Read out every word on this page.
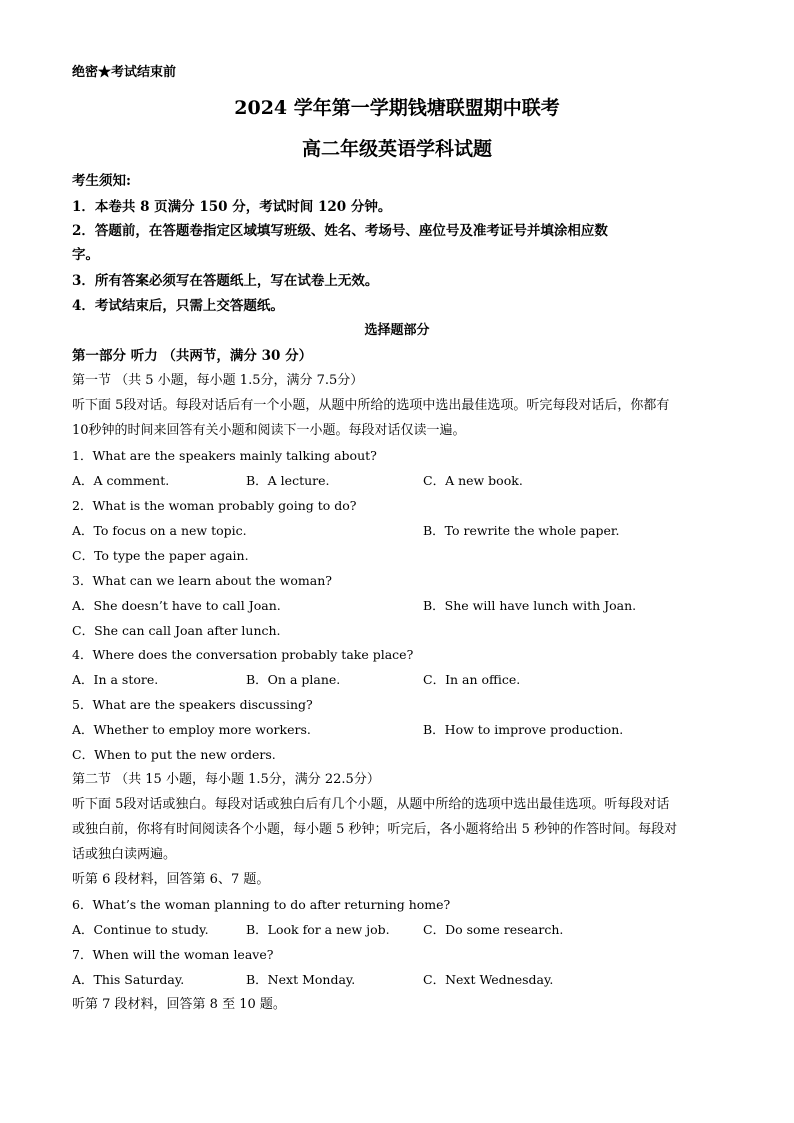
绝密★考试结束前
2024 学年第一学期钱塘联盟期中联考
高二年级英语学科试题
考生须知:
1．本卷共 8 页满分 150 分，考试时间 120 分钟。
2．答题前，在答题卷指定区域填写班级、姓名、考场号、座位号及准考证号并填涂相应数
字。
3．所有答案必须写在答题纸上，写在试卷上无效。
4．考试结束后，只需上交答题纸。
选择题部分
第一部分 听力 （共两节，满分 30 分）
第一节 （共 5 小题，每小题 1.5分，满分 7.5分）
听下面 5段对话。每段对话后有一个小题，从题中所给的选项中选出最佳选项。听完每段对话后，你都有
10秒钟的时间来回答有关小题和阅读下一小题。每段对话仅读一遍。
1．What are the speakers mainly talking about?
A．A comment.	B．A lecture.	C．A new book.
2．What is the woman probably going to do?
A．To focus on a new topic.	B．To rewrite the whole paper.
C．To type the paper again.
3．What can we learn about the woman?
A．She doesn’t have to call Joan.	B．She will have lunch with Joan.
C．She can call Joan after lunch.
4．Where does the conversation probably take place?
A．In a store.	B．On a plane.	C．In an office.
5．What are the speakers discussing?
A．Whether to employ more workers.	B．How to improve production.
C．When to put the new orders.
第二节 （共 15 小题，每小题 1.5分，满分 22.5分）
听下面 5段对话或独白。每段对话或独白后有几个小题，从题中所给的选项中选出最佳选项。听每段对话
或独白前，你将有时间阅读各个小题，每小题 5 秒钟；听完后，各小题将给出 5 秒钟的作答时间。每段对
话或独白读两遍。
听第 6 段材料，回答第 6、7 题。
6．What’s the woman planning to do after returning home?
A．Continue to study.	B．Look for a new job.	C．Do some research.
7．When will the woman leave?
A．This Saturday.	B．Next Monday.	C．Next Wednesday.
听第 7 段材料，回答第 8 至 10 题。
